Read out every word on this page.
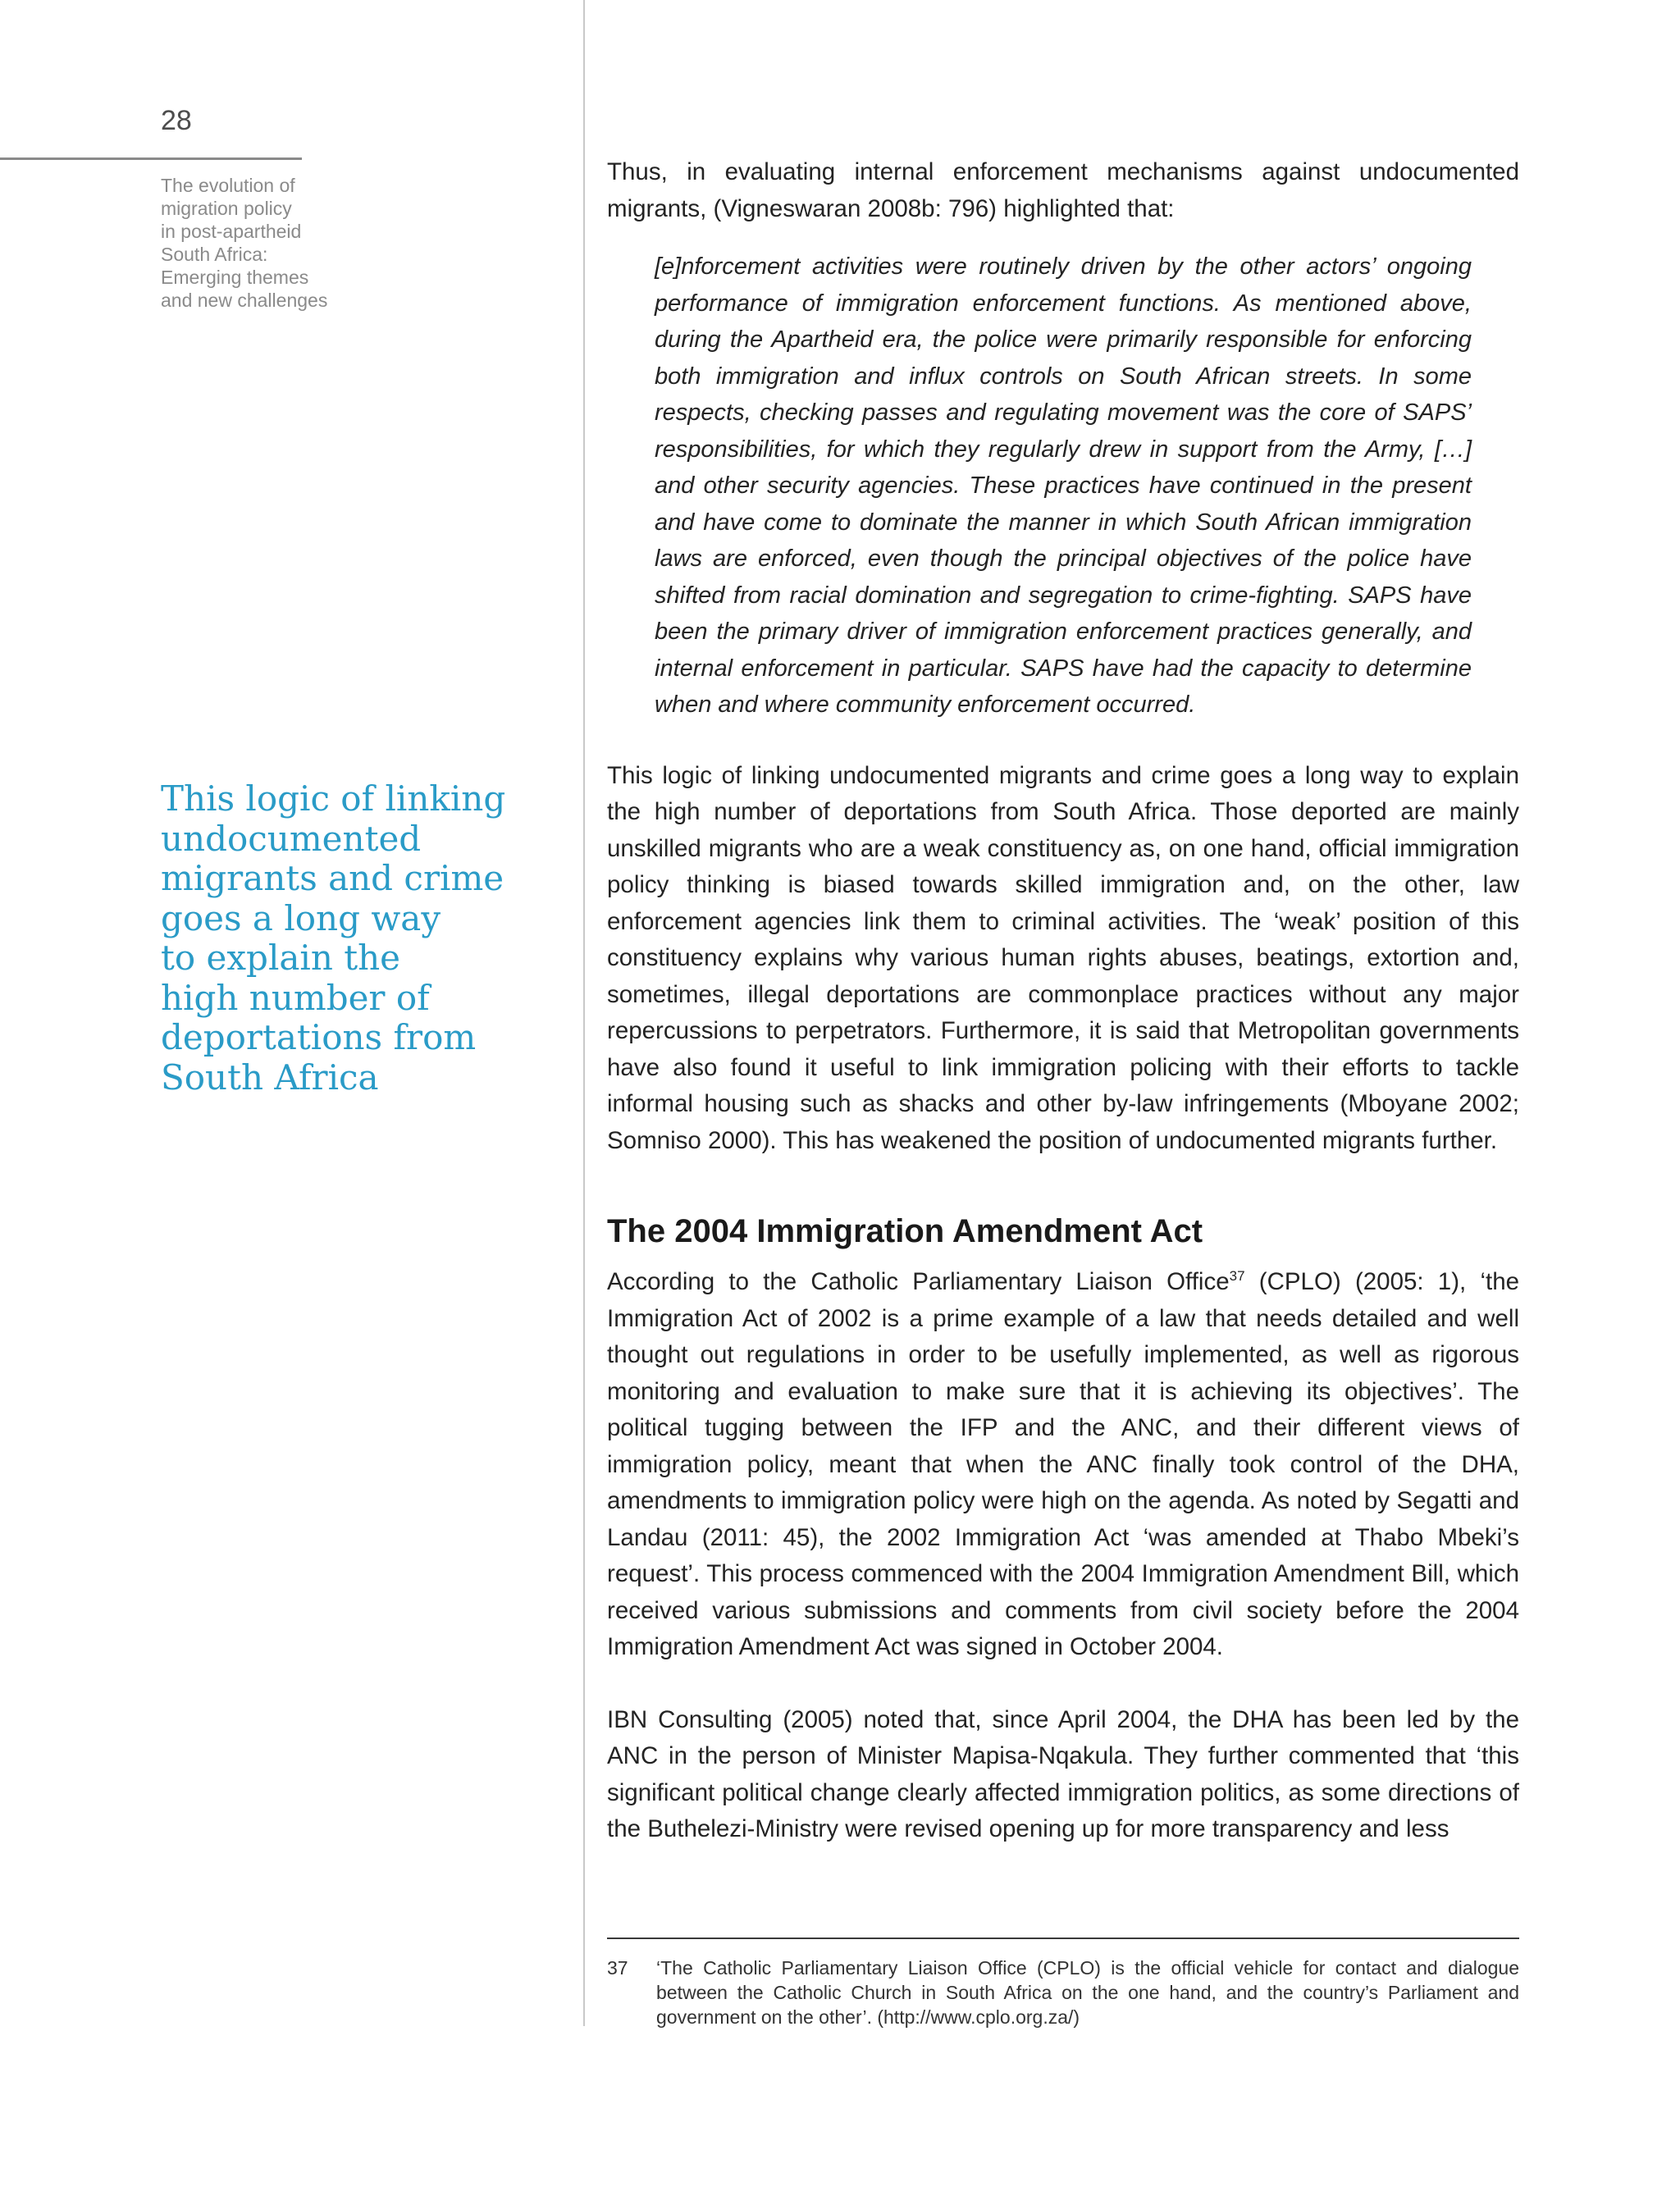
28
The evolution of
migration policy
in post-apartheid
South Africa:
Emerging themes
and new challenges
This logic of linking
undocumented
migrants and crime
goes a long way
to explain the
high number of
deportations from
South Africa

Thus, in evaluating internal enforcement mechanisms against undocumented migrants, (Vigneswaran 2008b: 796) highlighted that:

[e]nforcement activities were routinely driven by the other actors’ ongoing performance of immigration enforcement functions. As mentioned above, during the Apartheid era, the police were primarily responsible for enforcing both immigration and influx controls on South African streets. In some respects, checking passes and regulating movement was the core of SAPS’ responsibilities, for which they regularly drew in support from the Army, […] and other security agencies. These practices have continued in the present and have come to dominate the manner in which South African immigration laws are enforced, even though the principal objectives of the police have shifted from racial domination and segregation to crime-fighting. SAPS have been the primary driver of immigration enforcement practices generally, and internal enforcement in particular. SAPS have had the capacity to determine when and where community enforcement occurred.

This logic of linking undocumented migrants and crime goes a long way to explain the high number of deportations from South Africa. Those deported are mainly unskilled migrants who are a weak constituency as, on one hand, official immigration policy thinking is biased towards skilled immigration and, on the other, law enforcement agencies link them to criminal activities. The ‘weak’ position of this constituency explains why various human rights abuses, beatings, extortion and, sometimes, illegal deportations are commonplace practices without any major repercussions to perpetrators. Furthermore, it is said that Metropolitan governments have also found it useful to link immigration policing with their efforts to tackle informal housing such as shacks and other by-law infringements (Mboyane 2002; Somniso 2000). This has weakened the position of undocumented migrants further.

The 2004 Immigration Amendment Act

According to the Catholic Parliamentary Liaison Office$^{37}$ (CPLO) (2005: 1), ‘the Immigration Act of 2002 is a prime example of a law that needs detailed and well thought out regulations in order to be usefully implemented, as well as rigorous monitoring and evaluation to make sure that it is achieving its objectives’. The political tugging between the IFP and the ANC, and their different views of immigration policy, meant that when the ANC finally took control of the DHA, amendments to immigration policy were high on the agenda. As noted by Segatti and Landau (2011: 45), the 2002 Immigration Act ‘was amended at Thabo Mbeki’s request’. This process commenced with the 2004 Immigration Amendment Bill, which received various submissions and comments from civil society before the 2004 Immigration Amendment Act was signed in October 2004.

IBN Consulting (2005) noted that, since April 2004, the DHA has been led by the ANC in the person of Minister Mapisa-Nqakula. They further commented that ‘this significant political change clearly affected immigration politics, as some directions of the Buthelezi-Ministry were revised opening up for more transparency and less

37	‘The Catholic Parliamentary Liaison Office (CPLO) is the official vehicle for contact and dialogue between the Catholic Church in South Africa on the one hand, and the country’s Parliament and government on the other’. (http://www.cplo.org.za/)
